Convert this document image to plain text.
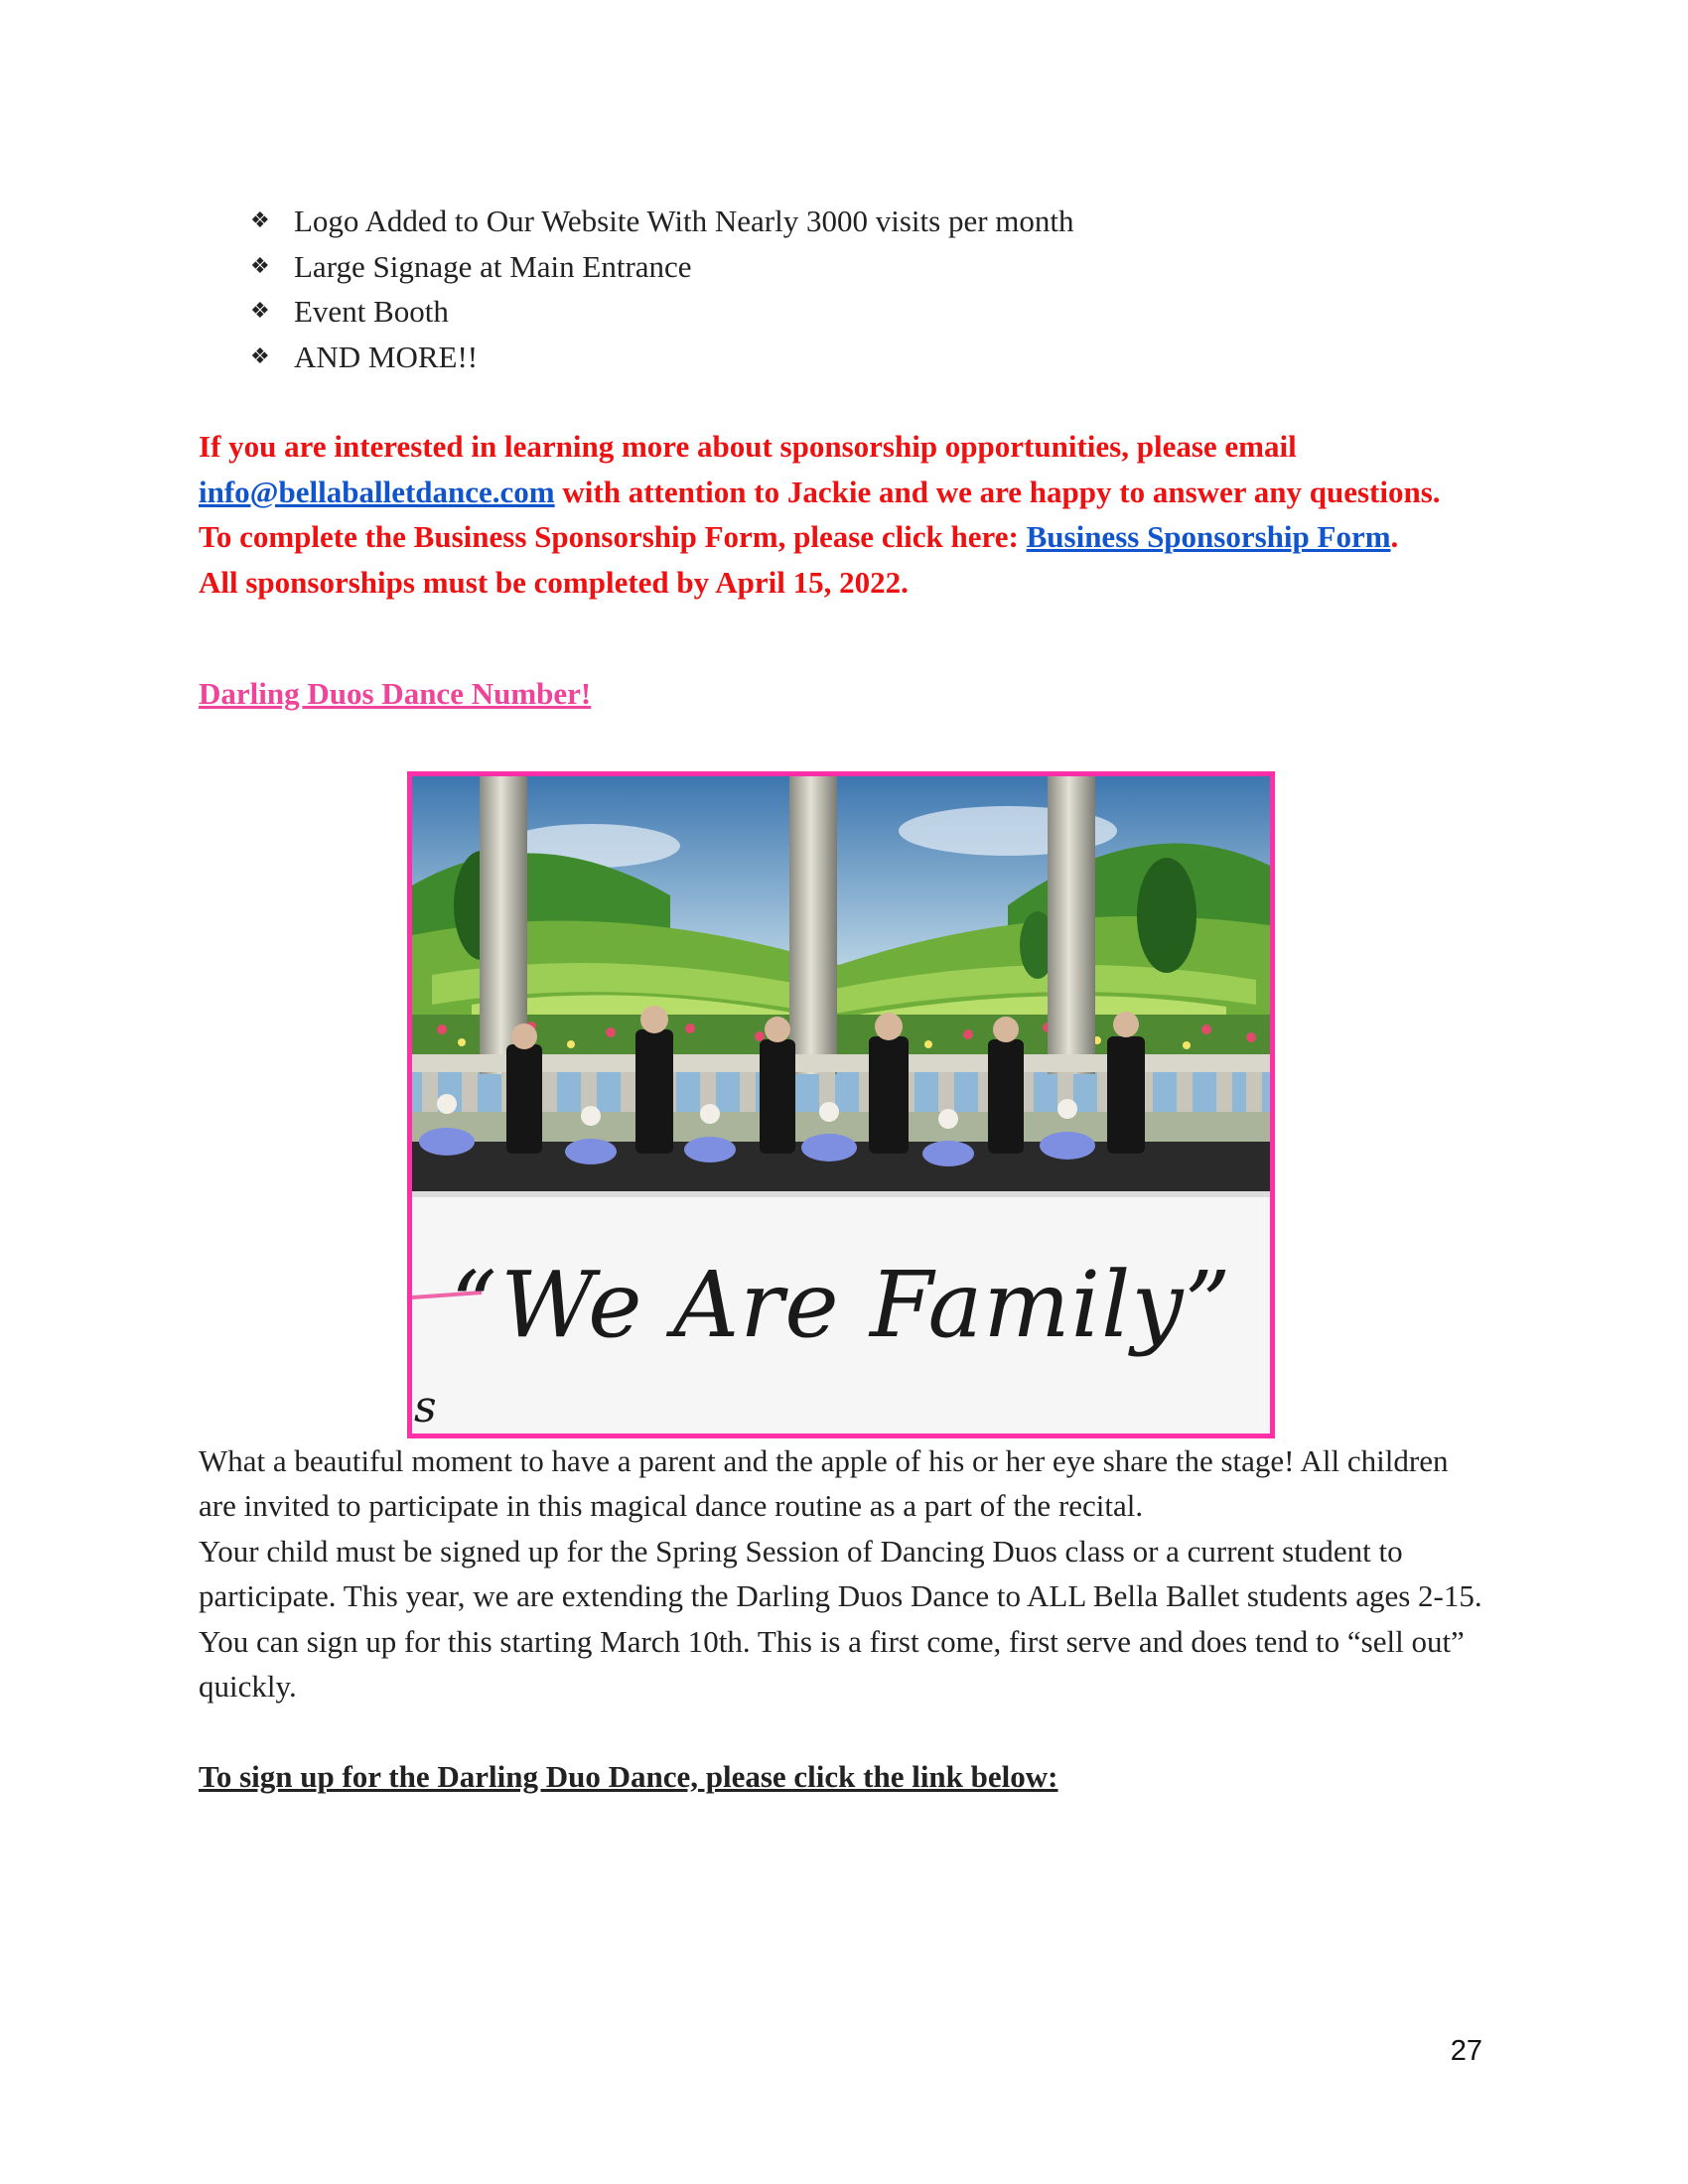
❖ Logo Added to Our Website With Nearly 3000 visits per month
❖ Large Signage at Main Entrance
❖ Event Booth
❖ AND MORE!!

If you are interested in learning more about sponsorship opportunities, please email info@bellaballetdance.com with attention to Jackie and we are happy to answer any questions.

To complete the Business Sponsorship Form, please click here: Business Sponsorship Form.

All sponsorships must be completed by April 15, 2022.

Darling Duos Dance Number!
s
“We Are Family”

What a beautiful moment to have a parent and the apple of his or her eye share the stage! All children are invited to participate in this magical dance routine as a part of the recital.

Your child must be signed up for the Spring Session of Dancing Duos class or a current student to participate. This year, we are extending the Darling Duos Dance to ALL Bella Ballet students ages 2-15. You can sign up for this starting March 10th. This is a first come, first serve and does tend to “sell out” quickly.

To sign up for the Darling Duo Dance, please click the link below:
27
